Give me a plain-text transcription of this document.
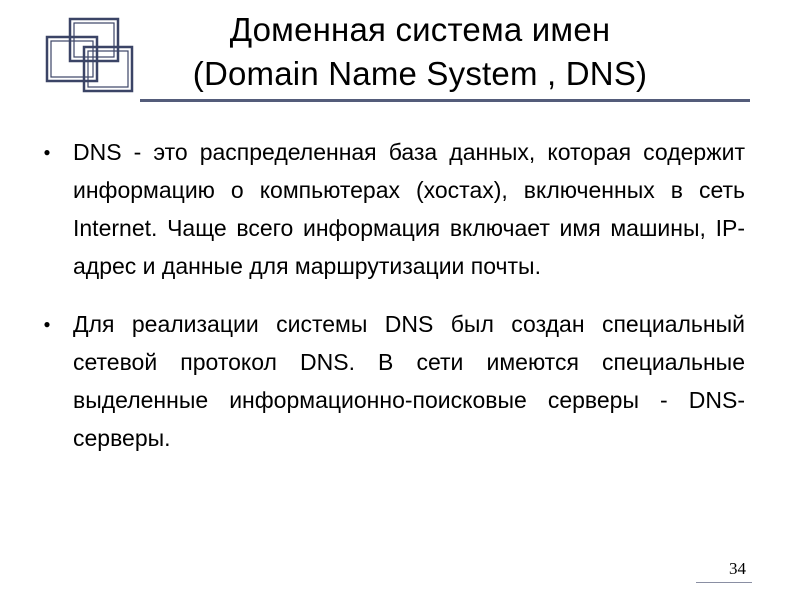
Доменная система имен
(Domain Name System , DNS)
● DNS - это распределенная база данных, которая содержит информацию о компьютерах (хостах), включенных в сеть Internet. Чаще всего информация включает имя машины, IP-адрес и данные для маршрутизации почты.
● Для реализации системы DNS был создан специальный сетевой протокол DNS. В сети имеются специальные выделенные информационно-поисковые серверы - DNS-серверы.
34
